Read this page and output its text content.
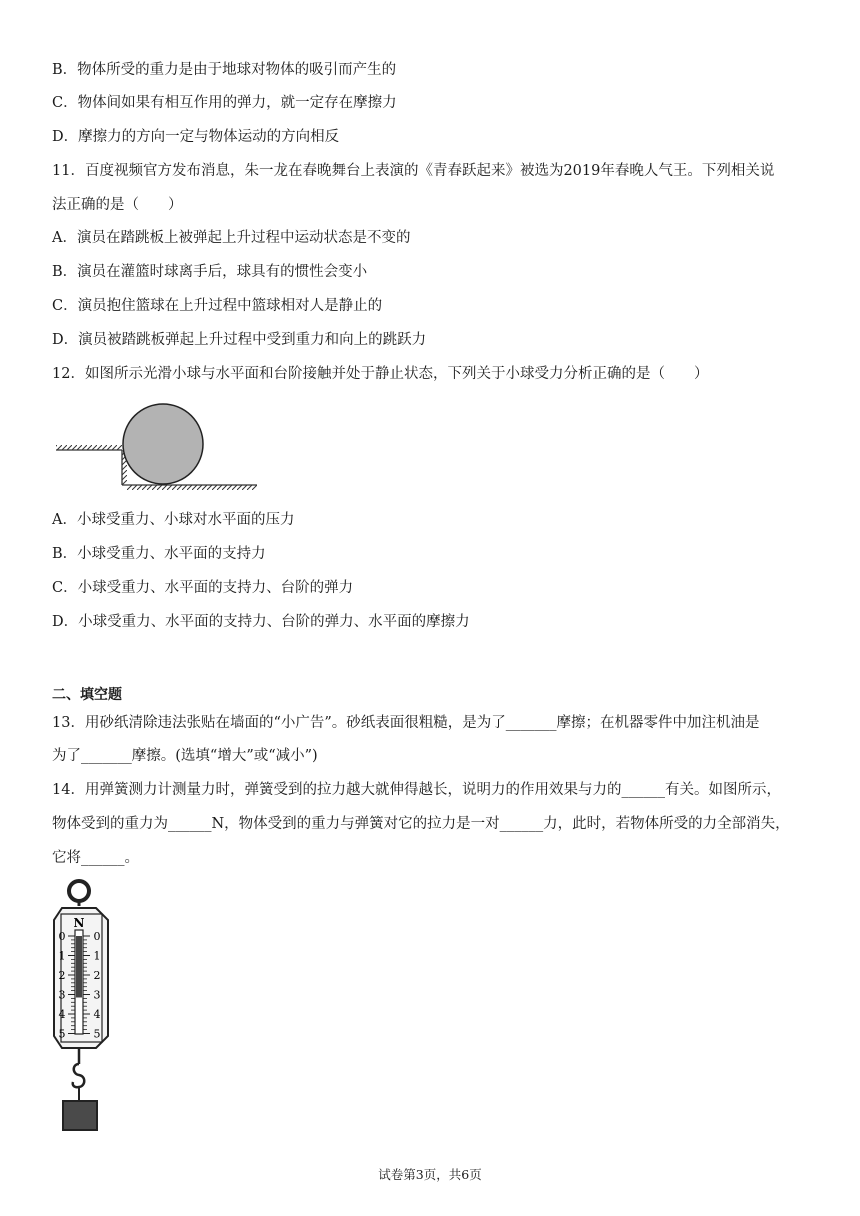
B．物体所受的重力是由于地球对物体的吸引而产生的
C．物体间如果有相互作用的弹力，就一定存在摩擦力
D．摩擦力的方向一定与物体运动的方向相反
11．百度视频官方发布消息，朱一龙在春晚舞台上表演的《青春跃起来》被选为2019年春晚人气王。下列相关说
法正确的是（　　）
A．演员在踏跳板上被弹起上升过程中运动状态是不变的
B．演员在灌篮时球离手后，球具有的惯性会变小
C．演员抱住篮球在上升过程中篮球相对人是静止的
D．演员被踏跳板弹起上升过程中受到重力和向上的跳跃力
12．如图所示光滑小球与水平面和台阶接触并处于静止状态，下列关于小球受力分析正确的是（　　）
A．小球受重力、小球对水平面的压力
B．小球受重力、水平面的支持力
C．小球受重力、水平面的支持力、台阶的弹力
D．小球受重力、水平面的支持力、台阶的弹力、水平面的摩擦力
二、填空题
13．用砂纸清除违法张贴在墙面的“小广告”。砂纸表面很粗糙，是为了_______摩擦；在机器零件中加注机油是
为了_______摩擦。(选填“增大”或“减小”)
14．用弹簧测力计测量力时，弹簧受到的拉力越大就伸得越长，说明力的作用效果与力的______有关。如图所示，
物体受到的重力为______N，物体受到的重力与弹簧对它的拉力是一对______力，此时，若物体所受的力全部消失，
它将______。
N
0	0
1	1
2	2
3	3
4	4
5	5
试卷第3页，共6页
